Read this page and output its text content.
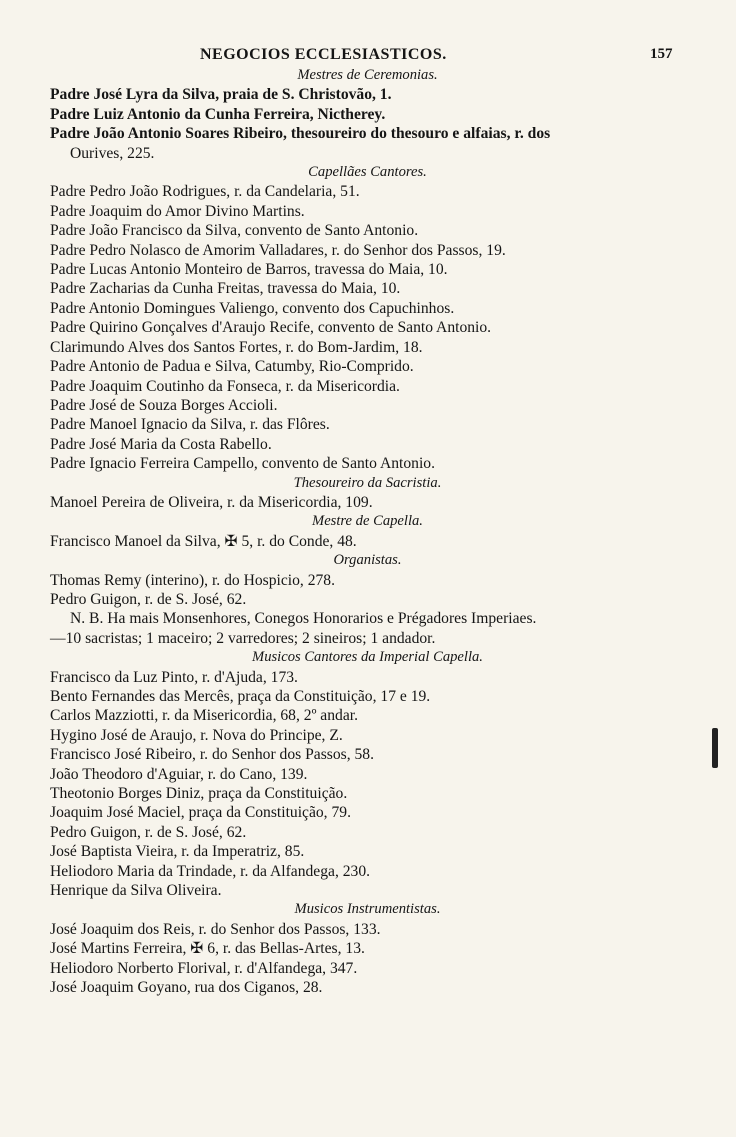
NEGOCIOS ECCLESIASTICOS.	157
Mestres de Ceremonias.

Padre José Lyra da Silva, praia de S. Christovão, 1.

Padre Luiz Antonio da Cunha Ferreira, Nictherey.

Padre João Antonio Soares Ribeiro, thesoureiro do thesouro e alfaias, r. dos

Ourives, 225.

Capellães Cantores.

Padre Pedro João Rodrigues, r. da Candelaria, 51.

Padre Joaquim do Amor Divino Martins.

Padre João Francisco da Silva, convento de Santo Antonio.

Padre Pedro Nolasco de Amorim Valladares, r. do Senhor dos Passos, 19.

Padre Lucas Antonio Monteiro de Barros, travessa do Maia, 10.

Padre Zacharias da Cunha Freitas, travessa do Maia, 10.

Padre Antonio Domingues Valiengo, convento dos Capuchinhos.

Padre Quirino Gonçalves d'Araujo Recife, convento de Santo Antonio.

Clarimundo Alves dos Santos Fortes, r. do Bom-Jardim, 18.

Padre Antonio de Padua e Silva, Catumby, Rio-Comprido.

Padre Joaquim Coutinho da Fonseca, r. da Misericordia.

Padre José de Souza Borges Accioli.

Padre Manoel Ignacio da Silva, r. das Flôres.

Padre José Maria da Costa Rabello.

Padre Ignacio Ferreira Campello, convento de Santo Antonio.

Thesoureiro da Sacristia.

Manoel Pereira de Oliveira, r. da Misericordia, 109.

Mestre de Capella.

Francisco Manoel da Silva, ✠ 5, r. do Conde, 48.

Organistas.

Thomas Remy (interino), r. do Hospicio, 278.

Pedro Guigon, r. de S. José, 62.

N. B. Ha mais Monsenhores, Conegos Honorarios e Prégadores Imperiaes.
—10 sacristas; 1 maceiro; 2 varredores; 2 sineiros; 1 andador.
Musicos Cantores da Imperial Capella.

Francisco da Luz Pinto, r. d'Ajuda, 173.

Bento Fernandes das Mercês, praça da Constituição, 17 e 19.

Carlos Mazziotti, r. da Misericordia, 68, 2º andar.

Hygino José de Araujo, r. Nova do Principe, Z.

Francisco José Ribeiro, r. do Senhor dos Passos, 58.

João Theodoro d'Aguiar, r. do Cano, 139.

Theotonio Borges Diniz, praça da Constituição.

Joaquim José Maciel, praça da Constituição, 79.

Pedro Guigon, r. de S. José, 62.

José Baptista Vieira, r. da Imperatriz, 85.

Heliodoro Maria da Trindade, r. da Alfandega, 230.

Henrique da Silva Oliveira.

Musicos Instrumentistas.

José Joaquim dos Reis, r. do Senhor dos Passos, 133.

José Martins Ferreira, ✠ 6, r. das Bellas-Artes, 13.

Heliodoro Norberto Florival, r. d'Alfandega, 347.

José Joaquim Goyano, rua dos Ciganos, 28.
